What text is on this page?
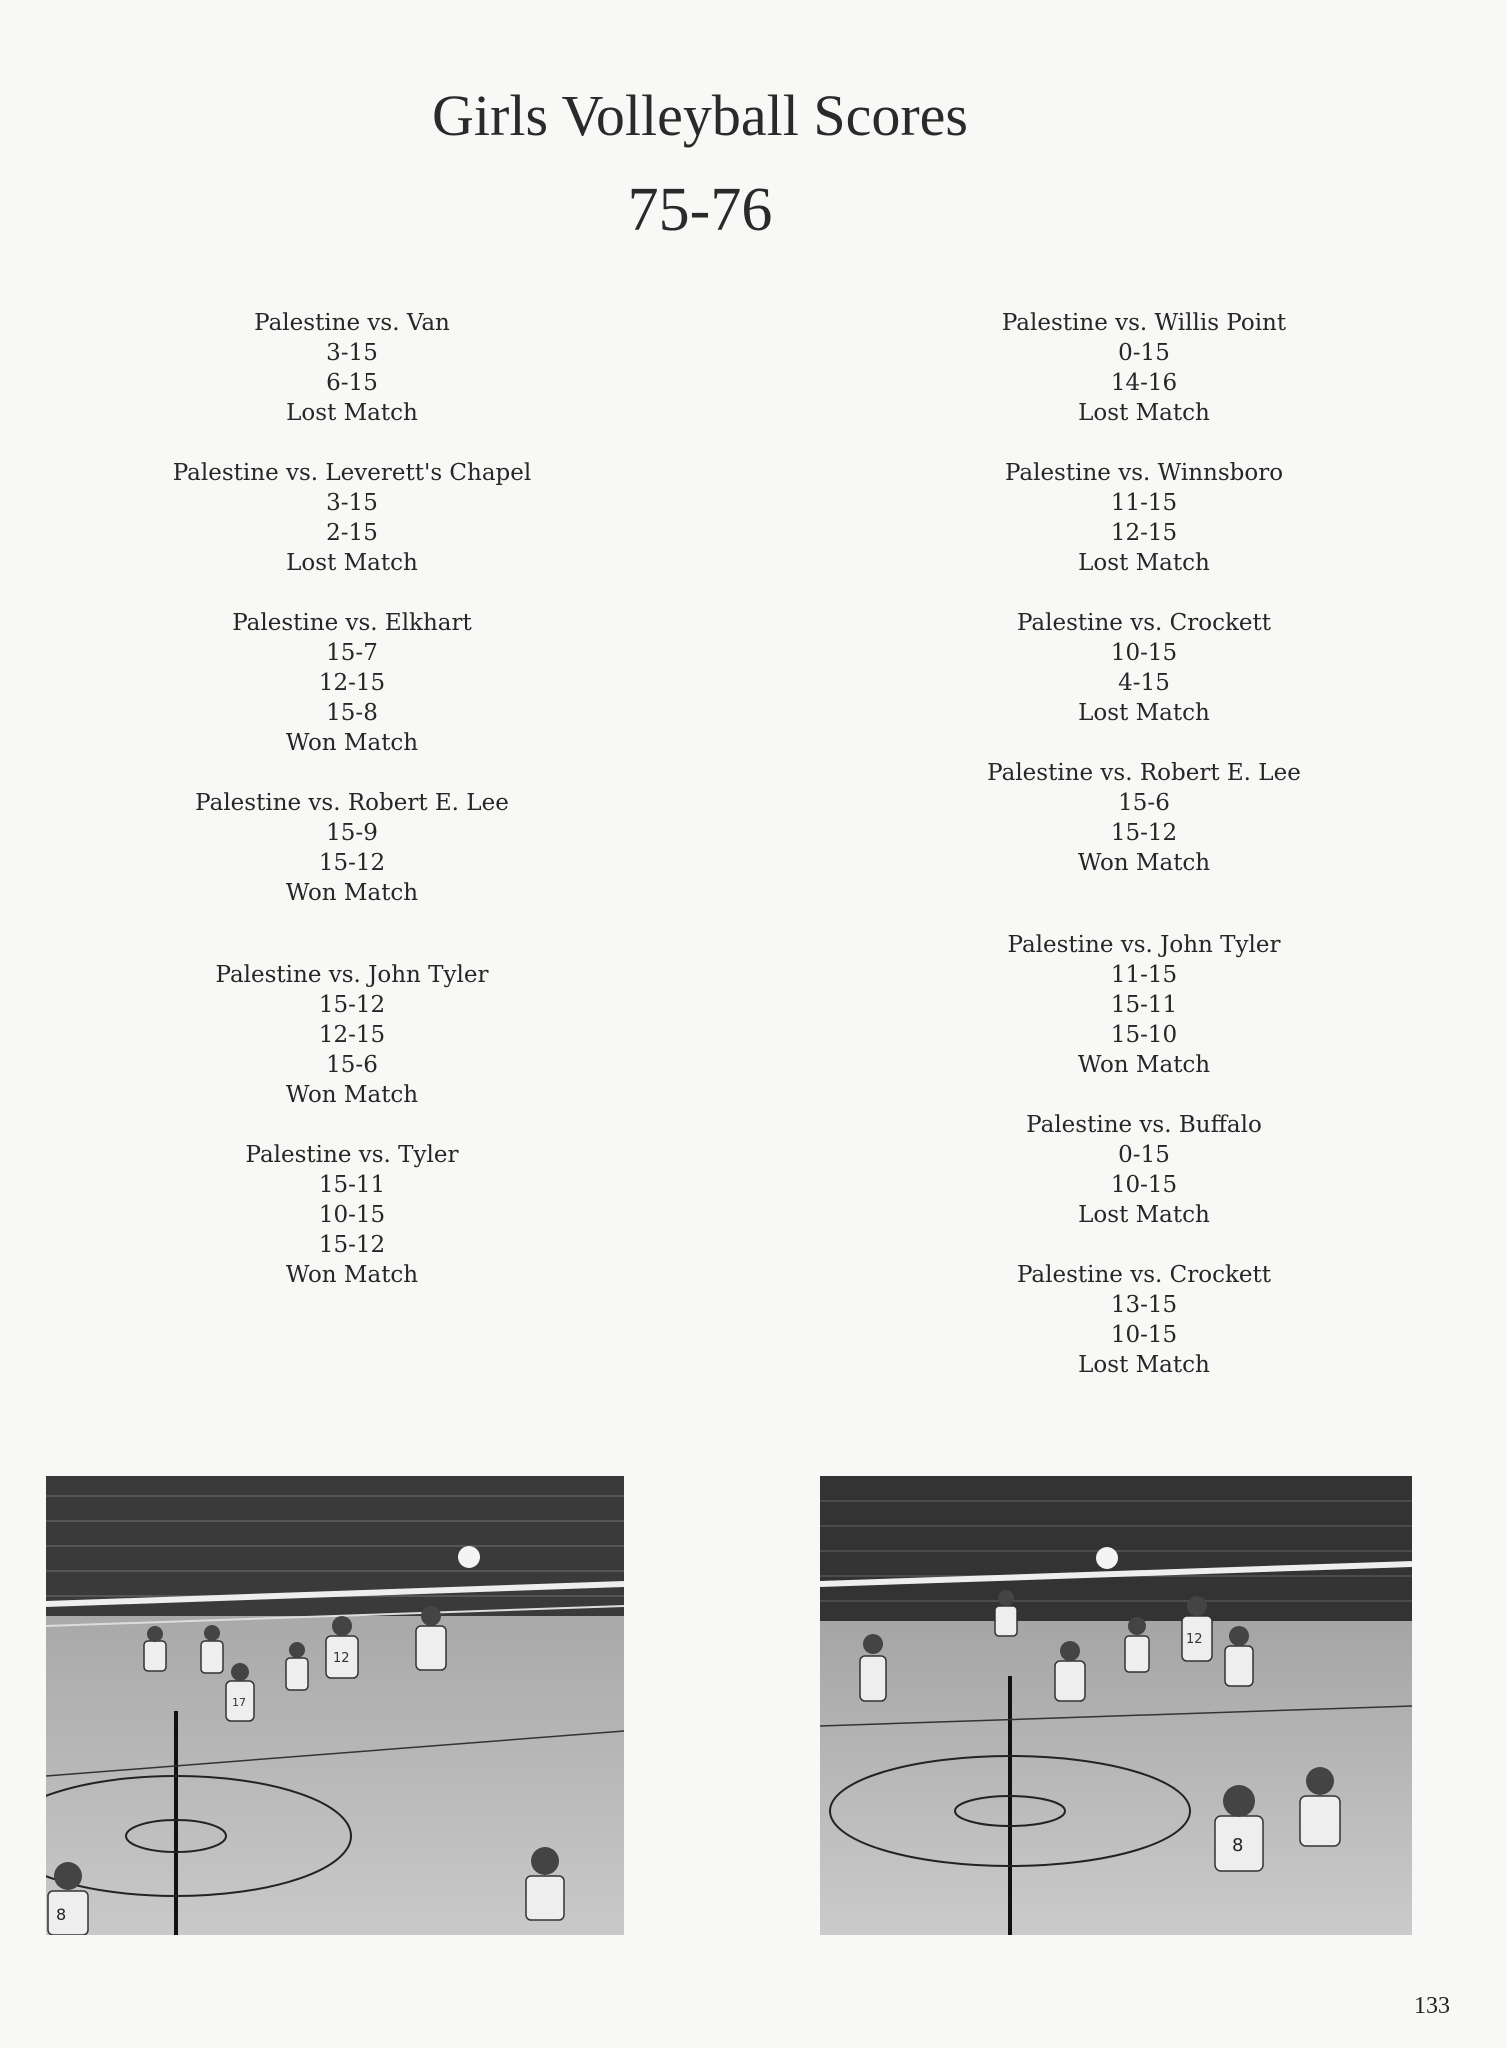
Girls Volleyball Scores
75-76
Palestine vs. Van
3-15
6-15
Lost Match
Palestine vs. Leverett's Chapel
3-15
2-15
Lost Match
Palestine vs. Elkhart
15-7
12-15
15-8
Won Match
Palestine vs. Robert E. Lee
15-9
15-12
Won Match
Palestine vs. John Tyler
15-12
12-15
15-6
Won Match
Palestine vs. Tyler
15-11
10-15
15-12
Won Match
Palestine vs. Willis Point
0-15
14-16
Lost Match
Palestine vs. Winnsboro
11-15
12-15
Lost Match
Palestine vs. Crockett
10-15
4-15
Lost Match
Palestine vs. Robert E. Lee
15-6
15-12
Won Match
Palestine vs. John Tyler
11-15
15-11
15-10
Won Match
Palestine vs. Buffalo
0-15
10-15
Lost Match
Palestine vs. Crockett
13-15
10-15
Lost Match
12
17
8
12
8
133
